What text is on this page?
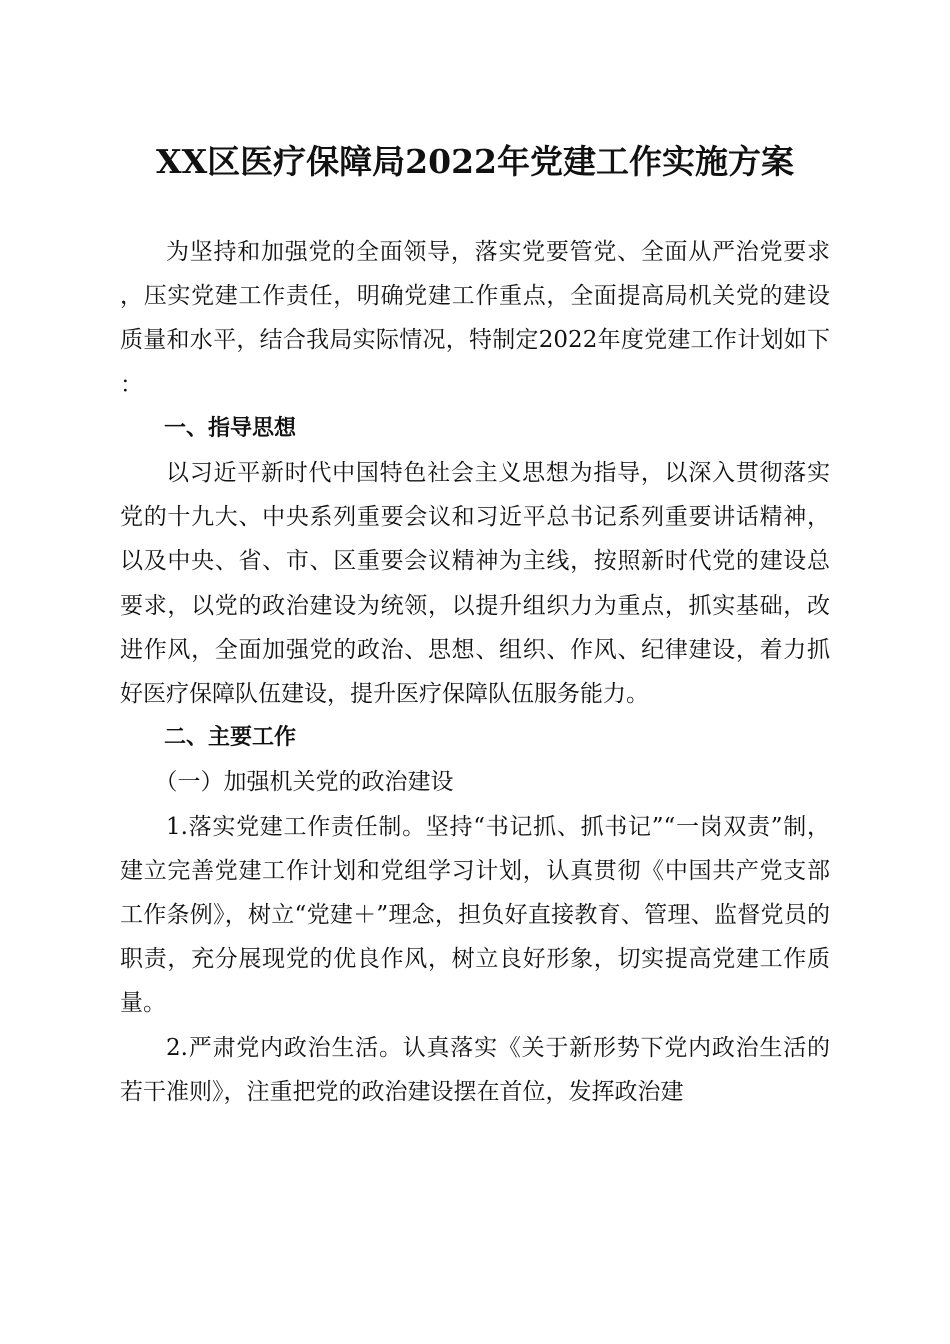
XX区医疗保障局2022年党建工作实施方案

为坚持和加强党的全面领导，落实党要管党、全面从严治党要求，压实党建工作责任，明确党建工作重点，全面提高局机关党的建设质量和水平，结合我局实际情况，特制定2022年度党建工作计划如下：

一、指导思想

以习近平新时代中国特色社会主义思想为指导，以深入贯彻落实党的十九大、中央系列重要会议和习近平总书记系列重要讲话精神，以及中央、省、市、区重要会议精神为主线，按照新时代党的建设总要求，以党的政治建设为统领，以提升组织力为重点，抓实基础，改进作风，全面加强党的政治、思想、组织、作风、纪律建设，着力抓好医疗保障队伍建设，提升医疗保障队伍服务能力。

二、主要工作

（一）加强机关党的政治建设

1.落实党建工作责任制。坚持“书记抓、抓书记”“一岗双责”制，建立完善党建工作计划和党组学习计划，认真贯彻《中国共产党支部工作条例》，树立“党建＋”理念，担负好直接教育、管理、监督党员的职责，充分展现党的优良作风，树立良好形象，切实提高党建工作质量。

2.严肃党内政治生活。认真落实《关于新形势下党内政治生活的若干准则》，注重把党的政治建设摆在首位，发挥政治建
